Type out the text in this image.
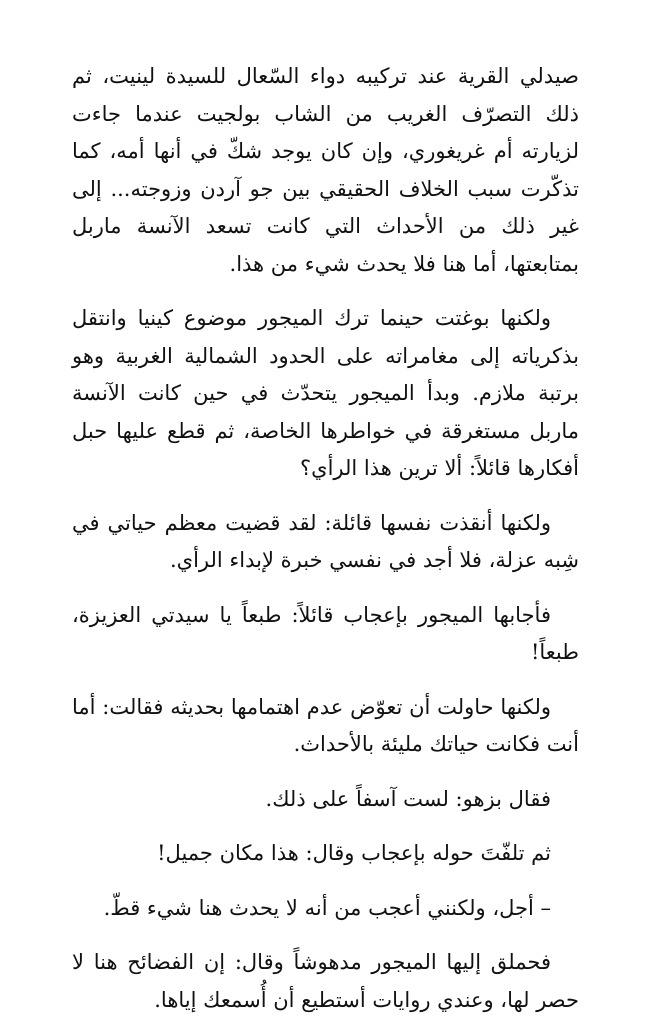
صيدلي القرية عند تركيبه دواء السّعال للسيدة لينيت، ثم ذلك التصرّف الغريب من الشاب بولجيت عندما جاءت لزيارته أم غريغوري، وإن كان يوجد شكّ في أنها أمه، كما تذكّرت سبب الخلاف الحقيقي بين جو آردن وزوجته... إلى غير ذلك من الأحداث التي كانت تسعد الآنسة ماربل بمتابعتها، أما هنا فلا يحدث شيء من هذا.

ولكنها بوغتت حينما ترك الميجور موضوع كينيا وانتقل بذكرياته إلى مغامراته على الحدود الشمالية الغربية وهو برتبة ملازم. وبدأ الميجور يتحدّث في حين كانت الآنسة ماربل مستغرقة في خواطرها الخاصة، ثم قطع عليها حبل أفكارها قائلاً: ألا ترين هذا الرأي؟

ولكنها أنقذت نفسها قائلة: لقد قضيت معظم حياتي في شِبه عزلة، فلا أجد في نفسي خبرة لإبداء الرأي.

فأجابها الميجور بإعجاب قائلاً: طبعاً يا سيدتي العزيزة، طبعاً!

ولكنها حاولت أن تعوّض عدم اهتمامها بحديثه فقالت: أما أنت فكانت حياتك مليئة بالأحداث.

فقال بزهو: لست آسفاً على ذلك.

ثم تلفّتَ حوله بإعجاب وقال: هذا مكان جميل!

– أجل، ولكنني أعجب من أنه لا يحدث هنا شيء قطّ.

فحملق إليها الميجور مدهوشاً وقال: إن الفضائح هنا لا حصر لها، وعندي روايات أستطيع أن أُسمعك إياها.
